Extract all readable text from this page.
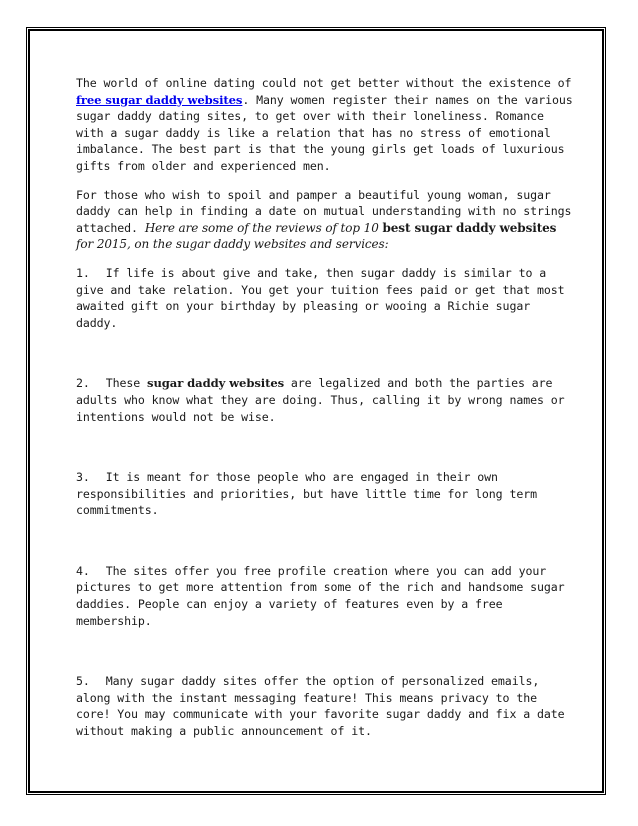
The world of online dating could not get better without the existence of free sugar daddy websites. Many women register their names on the various sugar daddy dating sites, to get over with their loneliness. Romance with a sugar daddy is like a relation that has no stress of emotional imbalance. The best part is that the young girls get loads of luxurious gifts from older and experienced men.

For those who wish to spoil and pamper a beautiful young woman, sugar daddy can help in finding a date on mutual understanding with no strings attached. Here are some of the reviews of top 10 best sugar daddy websites for 2015, on the sugar daddy websites and services:

1. If life is about give and take, then sugar daddy is similar to a give and take relation. You get your tuition fees paid or get that most awaited gift on your birthday by pleasing or wooing a Richie sugar daddy.

2. These sugar daddy websites are legalized and both the parties are adults who know what they are doing. Thus, calling it by wrong names or intentions would not be wise.

3. It is meant for those people who are engaged in their own responsibilities and priorities, but have little time for long term commitments.

4. The sites offer you free profile creation where you can add your pictures to get more attention from some of the rich and handsome sugar daddies. People can enjoy a variety of features even by a free membership.

5. Many sugar daddy sites offer the option of personalized emails, along with the instant messaging feature! This means privacy to the core! You may communicate with your favorite sugar daddy and fix a date without making a public announcement of it.
